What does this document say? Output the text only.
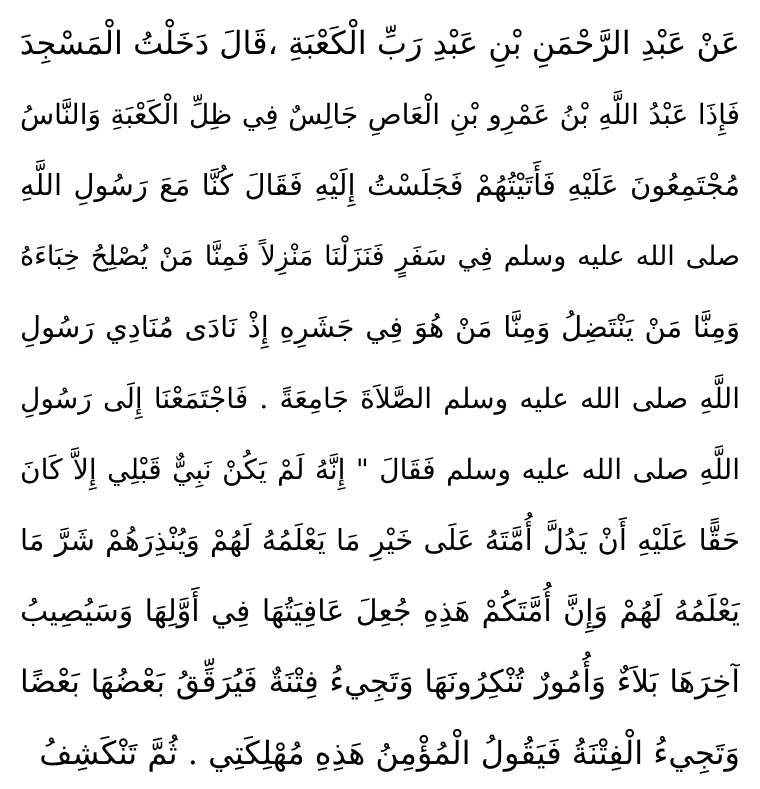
عَنْ عَبْدِ الرَّحْمَنِ بْنِ عَبْدِ رَبِّ الْكَعْبَةِ ،قَالَ دَخَلْتُ الْمَسْجِدَ
فَإِذَا عَبْدُ اللَّهِ بْنُ عَمْرِو بْنِ الْعَاصِ جَالِسٌ فِي ظِلِّ الْكَعْبَةِ وَالنَّاسُ
مُجْتَمِعُونَ عَلَيْهِ فَأَتَيْتُهُمْ فَجَلَسْتُ إِلَيْهِ فَقَالَ كُنَّا مَعَ رَسُولِ اللَّهِ
صلى الله عليه وسلم فِي سَفَرٍ فَنَزَلْنَا مَنْزِلاً فَمِنَّا مَنْ يُصْلِحُ خِبَاءَهُ
وَمِنَّا مَنْ يَنْتَضِلُ وَمِنَّا مَنْ هُوَ فِي جَشَرِهِ إِذْ نَادَى مُنَادِي رَسُولِ
اللَّهِ صلى الله عليه وسلم الصَّلاَةَ جَامِعَةً . فَاجْتَمَعْنَا إِلَى رَسُولِ
اللَّهِ صلى الله عليه وسلم فَقَالَ " إِنَّهُ لَمْ يَكُنْ نَبِيٌّ قَبْلِي إِلاَّ كَانَ
حَقًّا عَلَيْهِ أَنْ يَدُلَّ أُمَّتَهُ عَلَى خَيْرِ مَا يَعْلَمُهُ لَهُمْ وَيُنْذِرَهُمْ شَرَّ مَا
يَعْلَمُهُ لَهُمْ وَإِنَّ أُمَّتَكُمْ هَذِهِ جُعِلَ عَافِيَتُهَا فِي أَوَّلِهَا وَسَيُصِيبُ
آخِرَهَا بَلاَءٌ وَأُمُورٌ تُنْكِرُونَهَا وَتَجِيءُ فِتْنَةٌ فَيُرَقِّقُ بَعْضُهَا بَعْضًا
وَتَجِيءُ الْفِتْنَةُ فَيَقُولُ الْمُؤْمِنُ هَذِهِ مُهْلِكَتِي . ثُمَّ تَنْكَشِفُ
